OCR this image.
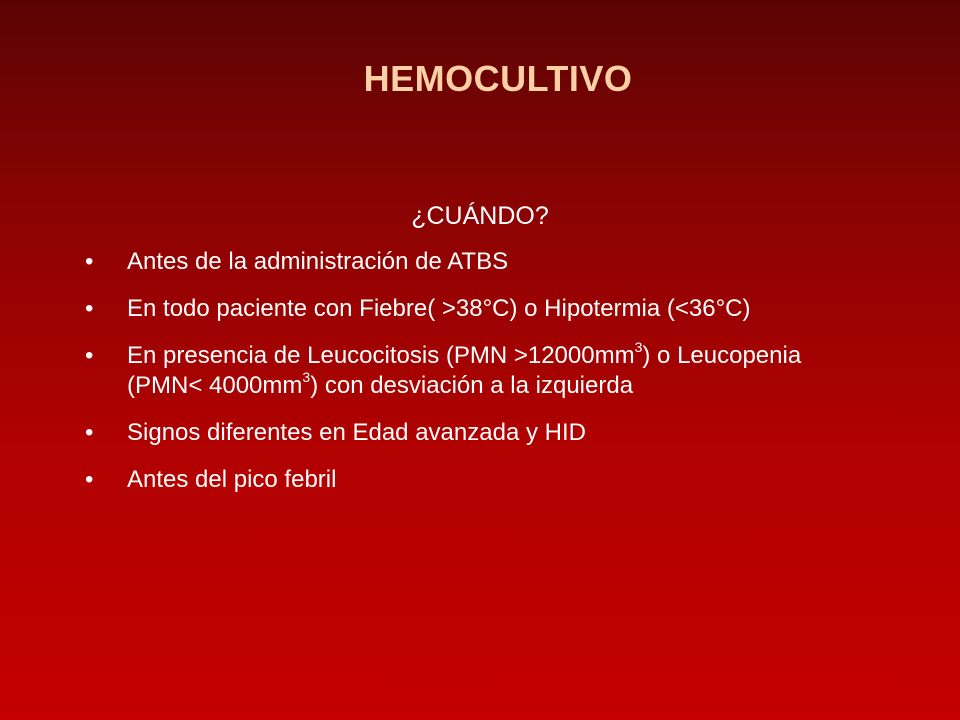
HEMOCULTIVO
¿CUÁNDO?
•	Antes de la administración de ATBS
•	En todo paciente con Fiebre( >38°C) o Hipotermia (<36°C)
•	En presencia de Leucocitosis $(PMN >12000mm^3)$ o Leucopenia $(PMN< 4000mm^3)$ con desviación a la izquierda
•	Signos diferentes en Edad avanzada y HID
•	Antes del pico febril
